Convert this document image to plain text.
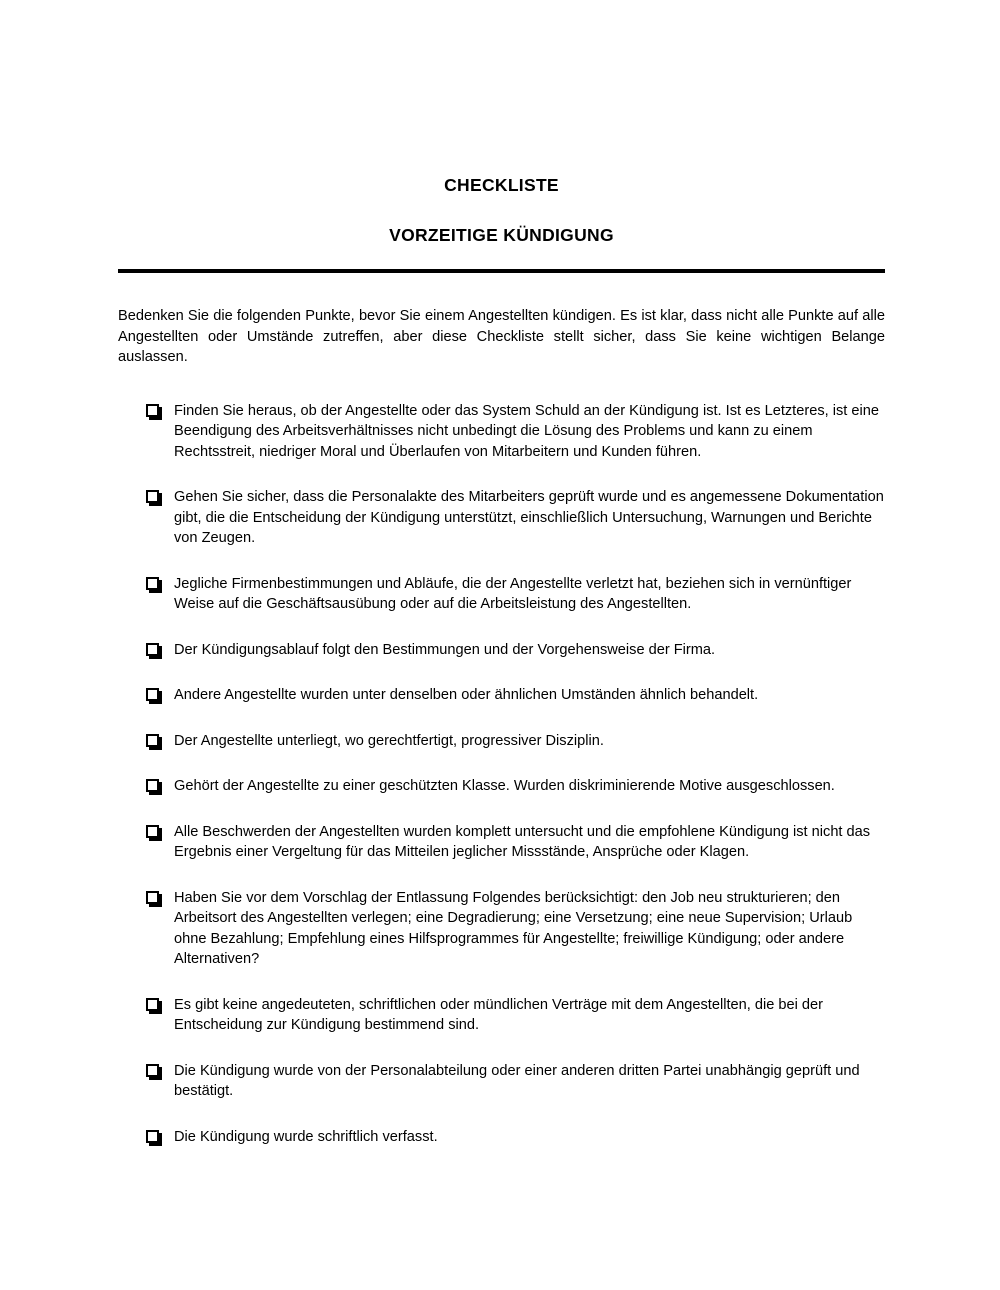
CHECKLISTE
VORZEITIGE KÜNDIGUNG

Bedenken Sie die folgenden Punkte, bevor Sie einem Angestellten kündigen. Es ist klar, dass nicht alle Punkte auf alle Angestellten oder Umstände zutreffen, aber diese Checkliste stellt sicher, dass Sie keine wichtigen Belange auslassen.

Finden Sie heraus, ob der Angestellte oder das System Schuld an der Kündigung ist. Ist es Letzteres, ist eine Beendigung des Arbeitsverhältnisses nicht unbedingt die Lösung des Problems und kann zu einem Rechtsstreit, niedriger Moral und Überlaufen von Mitarbeitern und Kunden führen.
Gehen Sie sicher, dass die Personalakte des Mitarbeiters geprüft wurde und es angemessene Dokumentation gibt, die die Entscheidung der Kündigung unterstützt, einschließlich Untersuchung, Warnungen und Berichte von Zeugen.
Jegliche Firmenbestimmungen und Abläufe, die der Angestellte verletzt hat, beziehen sich in vernünftiger Weise auf die Geschäftsausübung oder auf die Arbeitsleistung des Angestellten.
Der Kündigungsablauf folgt den Bestimmungen und der Vorgehensweise der Firma.
Andere Angestellte wurden unter denselben oder ähnlichen Umständen ähnlich behandelt.
Der Angestellte unterliegt, wo gerechtfertigt, progressiver Disziplin.
Gehört der Angestellte zu einer geschützten Klasse. Wurden diskriminierende Motive ausgeschlossen.
Alle Beschwerden der Angestellten wurden komplett untersucht und die empfohlene Kündigung ist nicht das Ergebnis einer Vergeltung für das Mitteilen jeglicher Missstände, Ansprüche oder Klagen.
Haben Sie vor dem Vorschlag der Entlassung Folgendes berücksichtigt: den Job neu strukturieren; den Arbeitsort des Angestellten verlegen; eine Degradierung; eine Versetzung; eine neue Supervision; Urlaub ohne Bezahlung; Empfehlung eines Hilfsprogrammes für Angestellte; freiwillige Kündigung; oder andere Alternativen?
Es gibt keine angedeuteten, schriftlichen oder mündlichen Verträge mit dem Angestellten, die bei der Entscheidung zur Kündigung bestimmend sind.
Die Kündigung wurde von der Personalabteilung oder einer anderen dritten Partei unabhängig geprüft und bestätigt.
Die Kündigung wurde schriftlich verfasst.
